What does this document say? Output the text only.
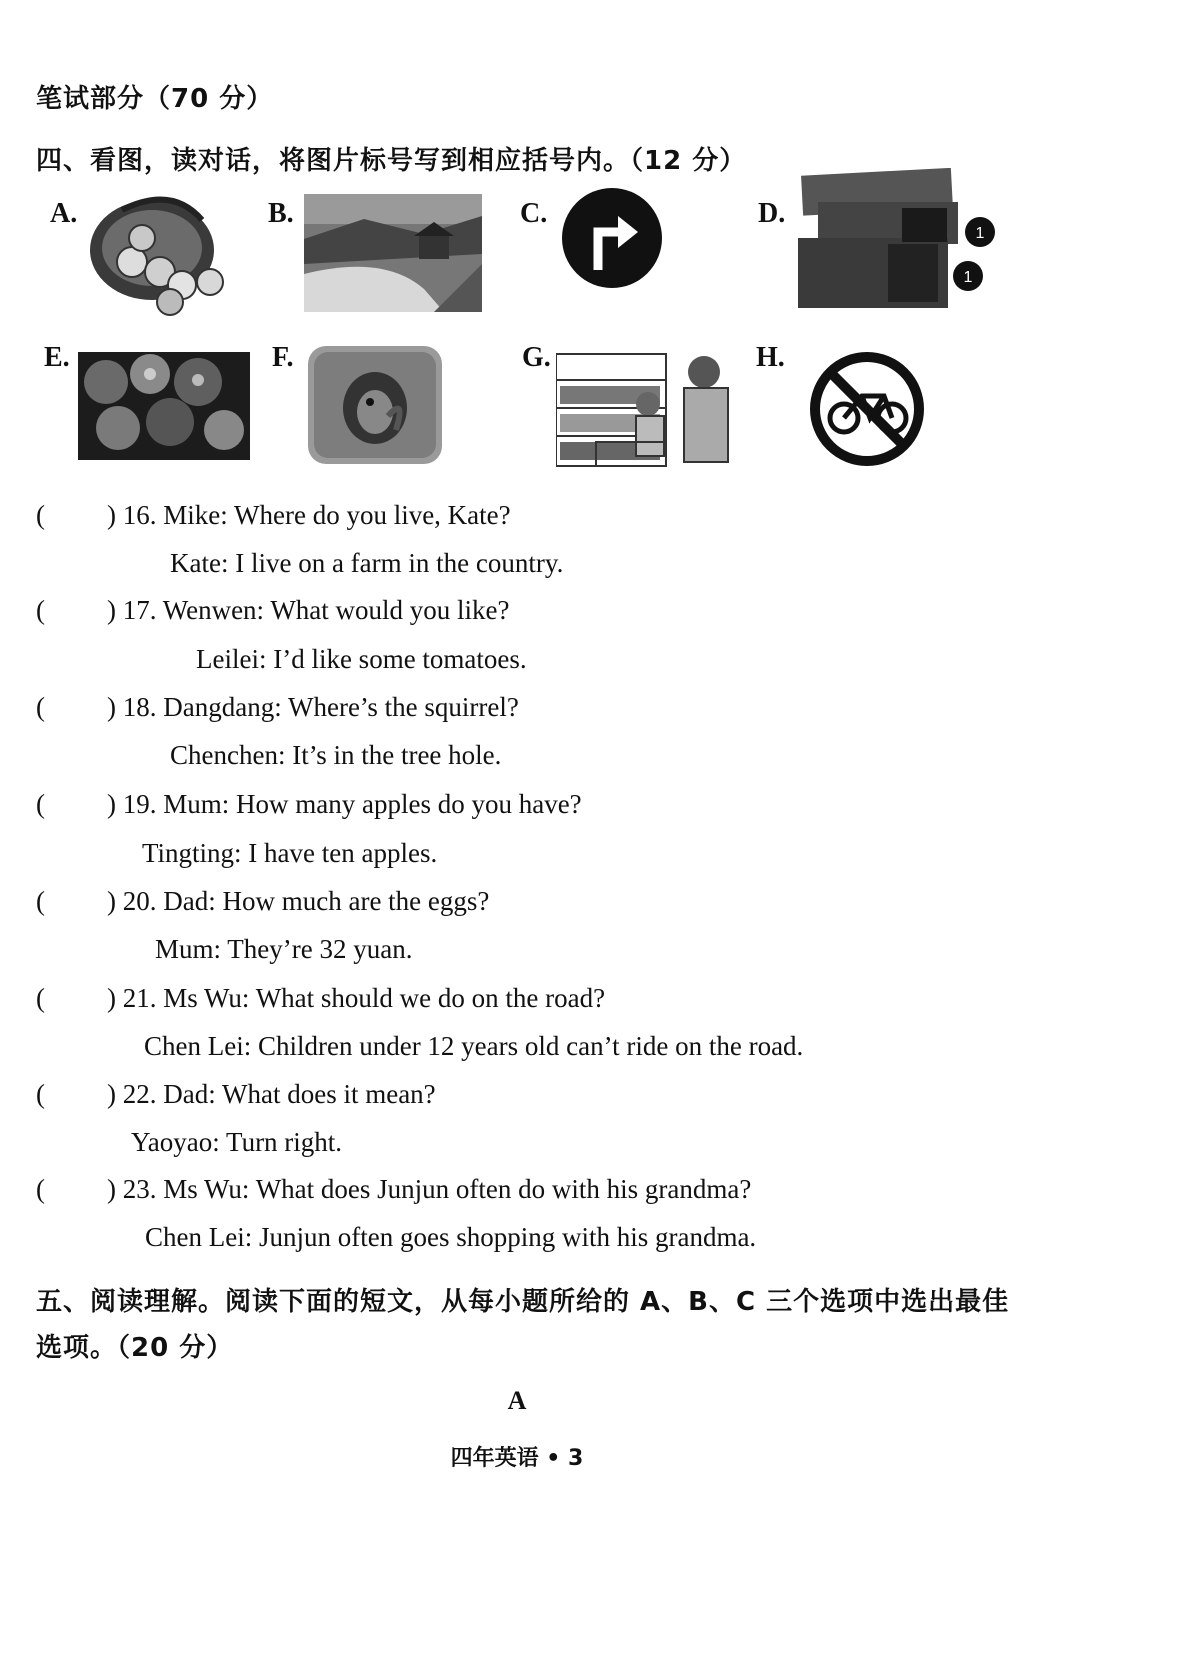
笔试部分（70 分）
四、看图，读对话，将图片标号写到相应括号内。（12 分）
A.	B.	C.	D.
1
1
E.	F.	G.	H.
( ) 16. Mike: Where do you live, Kate?
Kate: I live on a farm in the country.
( ) 17. Wenwen: What would you like?
Leilei: I’d like some tomatoes.
( ) 18. Dangdang: Where’s the squirrel?
Chenchen: It’s in the tree hole.
( ) 19. Mum: How many apples do you have?
Tingting: I have ten apples.
( ) 20. Dad: How much are the eggs?
Mum: They’re 32 yuan.
( ) 21. Ms Wu: What should we do on the road?
Chen Lei: Children under 12 years old can’t ride on the road.
( ) 22. Dad: What does it mean?
Yaoyao: Turn right.
( ) 23. Ms Wu: What does Junjun often do with his grandma?
Chen Lei: Junjun often goes shopping with his grandma.
五、阅读理解。阅读下面的短文，从每小题所给的 A、B、C 三个选项中选出最佳
选项。（20 分）
A
四年英语 • 3
